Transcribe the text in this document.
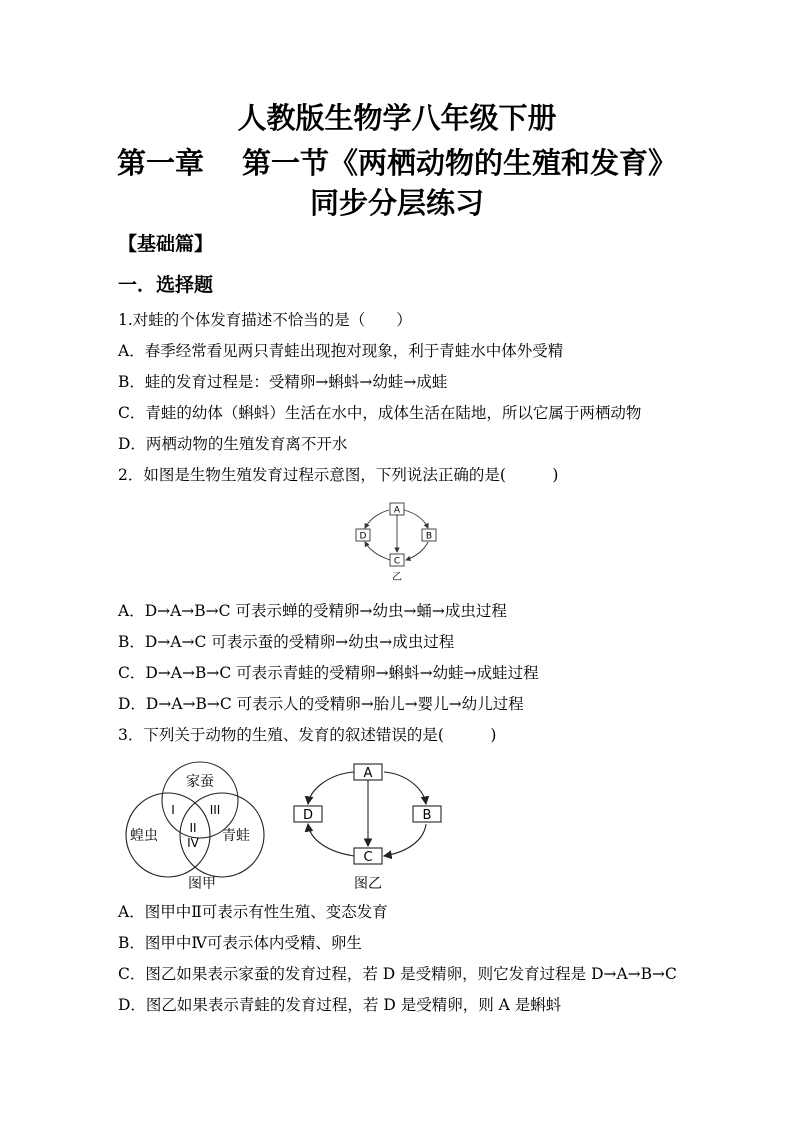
人教版生物学八年级下册
第一章 第一节《两栖动物的生殖和发育》
同步分层练习
【基础篇】
一．选择题
1.对蛙的个体发育描述不恰当的是（　　）
A．春季经常看见两只青蛙出现抱对现象，利于青蛙水中体外受精
B．蛙的发育过程是：受精卵→蝌蚪→幼蛙→成蛙
C．青蛙的幼体（蝌蚪）生活在水中，成体生活在陆地，所以它属于两栖动物
D．两栖动物的生殖发育离不开水
2．如图是生物生殖发育过程示意图，下列说法正确的是(　　　)
A
B
C
D
乙
A．D→A→B→C 可表示蝉的受精卵→幼虫→蛹→成虫过程
B．D→A→C 可表示蚕的受精卵→幼虫→成虫过程
C．D→A→B→C 可表示青蛙的受精卵→蝌蚪→幼蛙→成蛙过程
D．D→A→B→C 可表示人的受精卵→胎儿→婴儿→幼儿过程
3．下列关于动物的生殖、发育的叙述错误的是(　　　)
家蚕
蝗虫	青蛙
I
II
III
IV
图甲
A
B
C
D
图乙
A．图甲中Ⅱ可表示有性生殖、变态发育
B．图甲中Ⅳ可表示体内受精、卵生
C．图乙如果表示家蚕的发育过程，若 D 是受精卵，则它发育过程是 D→A→B→C
D．图乙如果表示青蛙的发育过程，若 D 是受精卵，则 A 是蝌蚪
